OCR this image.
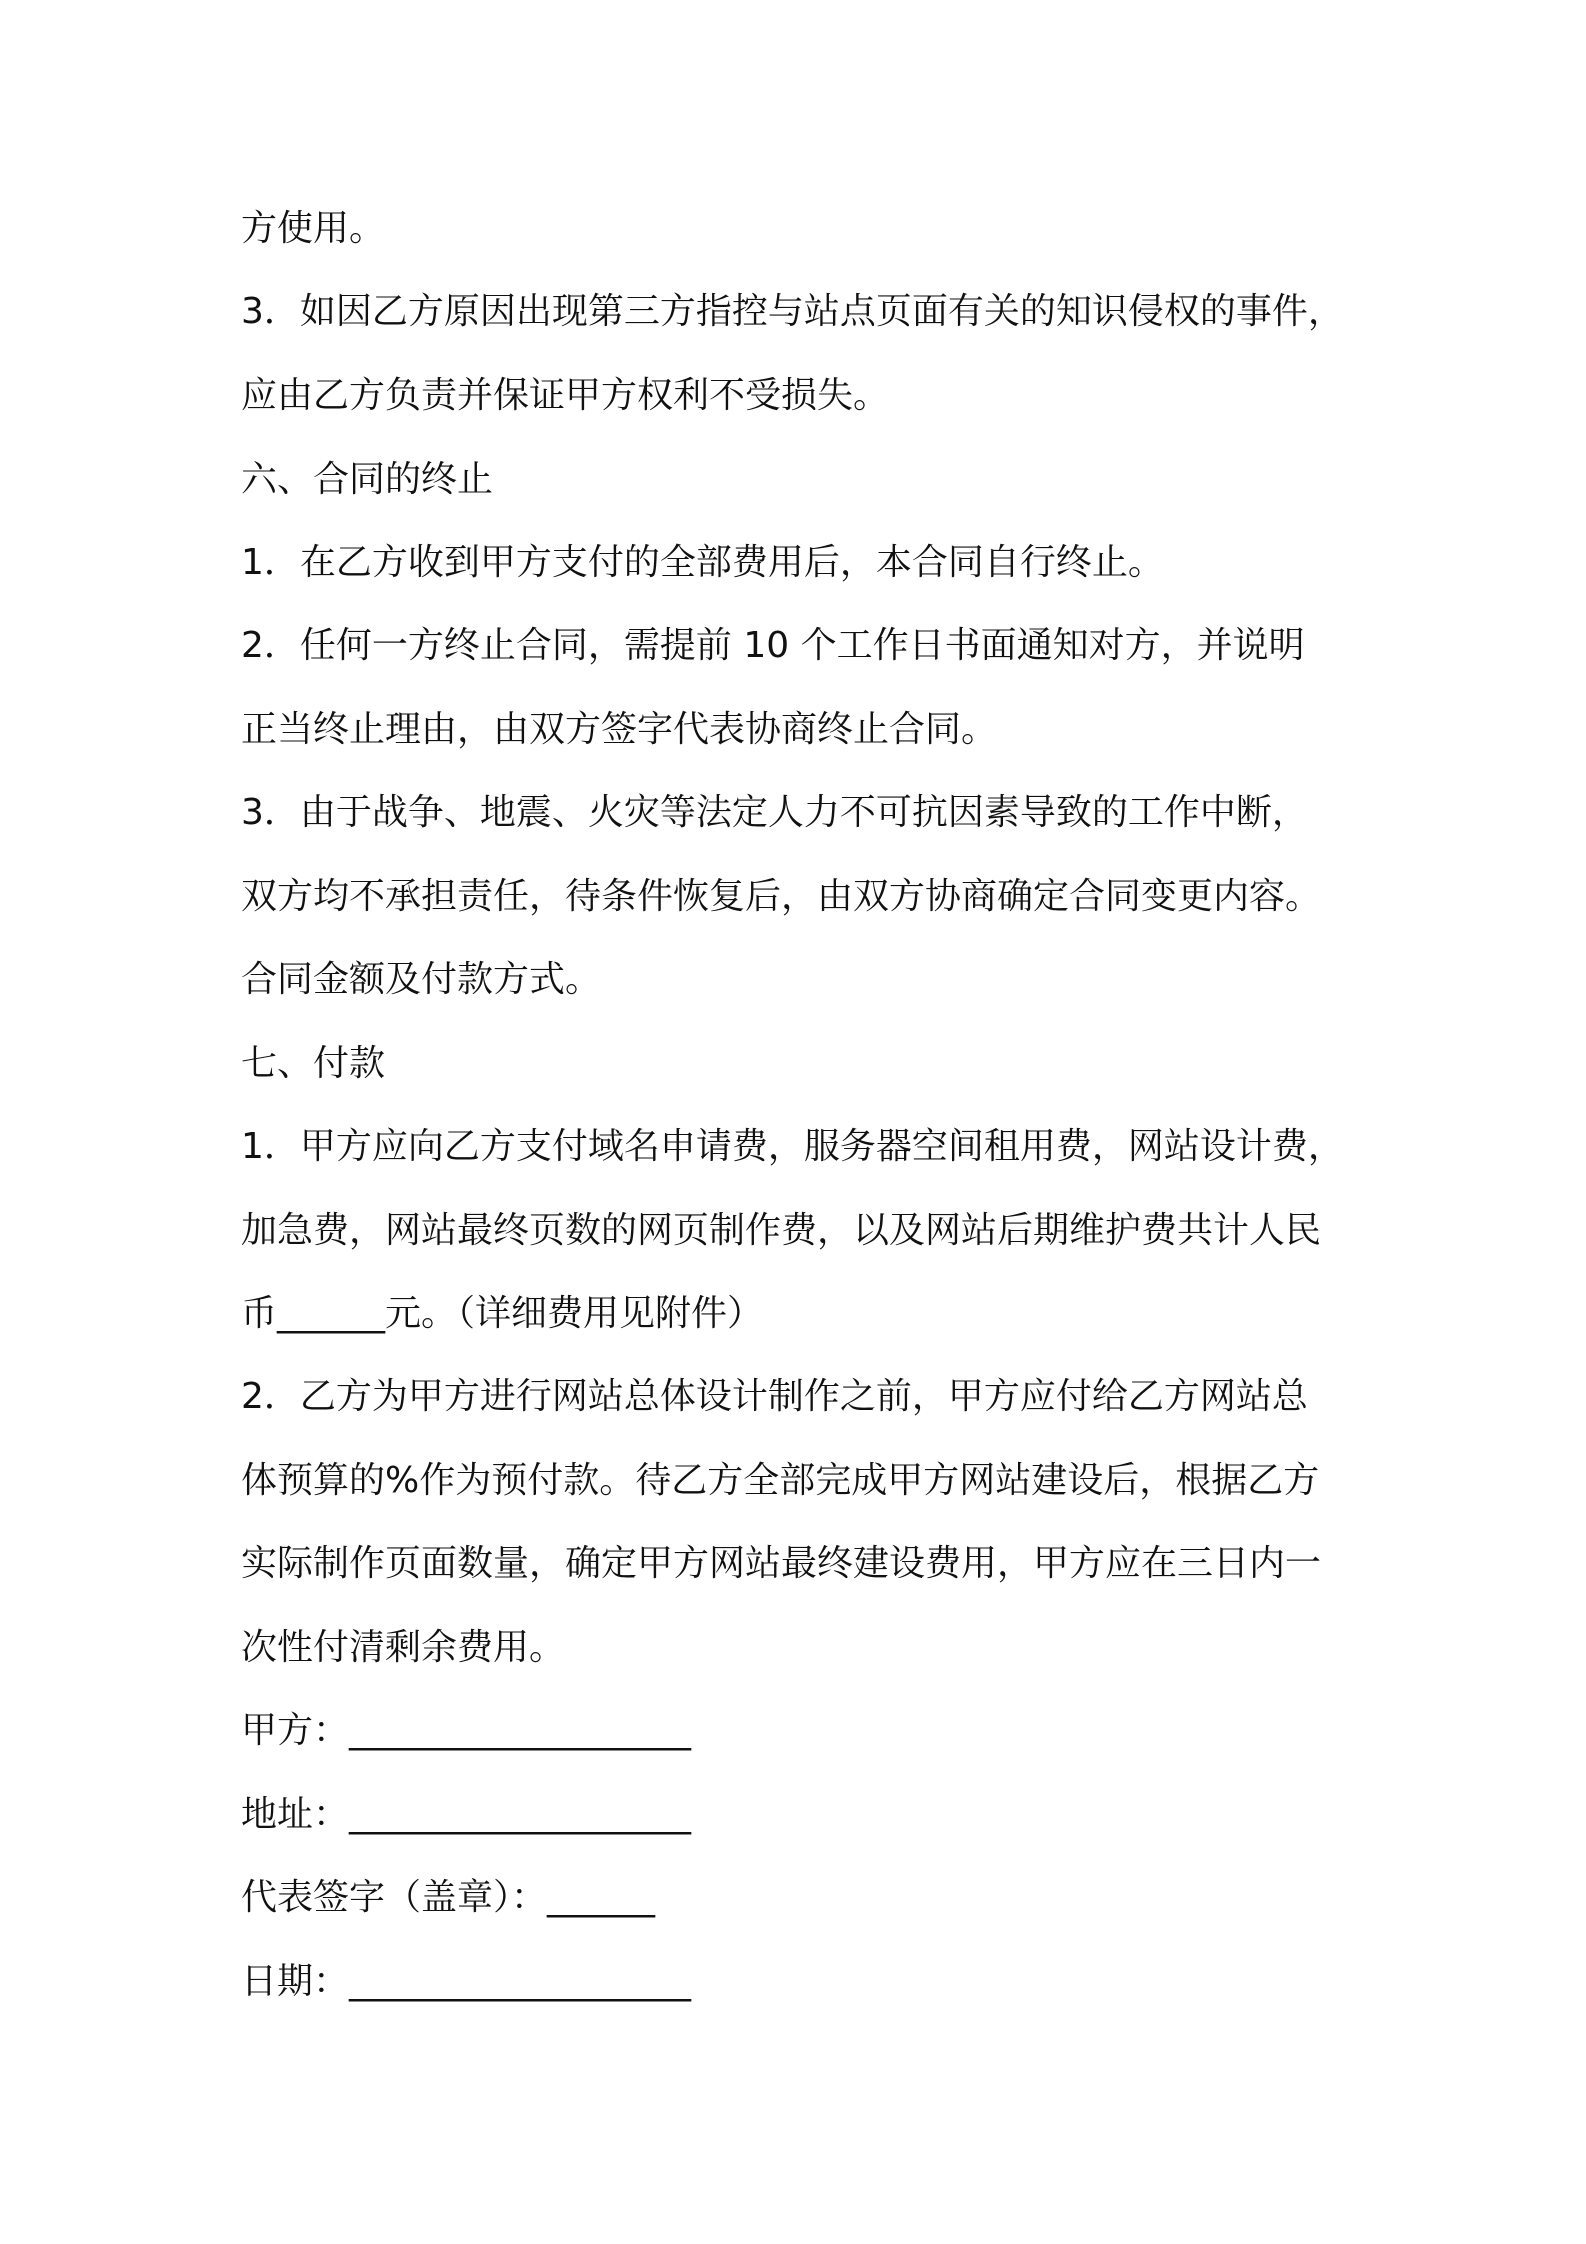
方使用。
3．如因乙方原因出现第三方指控与站点页面有关的知识侵权的事件，
应由乙方负责并保证甲方权利不受损失。
六、合同的终止
1．在乙方收到甲方支付的全部费用后，本合同自行终止。
2．任何一方终止合同，需提前 10 个工作日书面通知对方，并说明
正当终止理由，由双方签字代表协商终止合同。
3．由于战争、地震、火灾等法定人力不可抗因素导致的工作中断，
双方均不承担责任，待条件恢复后，由双方协商确定合同变更内容。
合同金额及付款方式。
七、付款
1．甲方应向乙方支付域名申请费，服务器空间租用费，网站设计费，
加急费，网站最终页数的网页制作费，以及网站后期维护费共计人民
币______元。（详细费用见附件）
2．乙方为甲方进行网站总体设计制作之前，甲方应付给乙方网站总
体预算的%作为预付款。待乙方全部完成甲方网站建设后，根据乙方
实际制作页面数量，确定甲方网站最终建设费用，甲方应在三日内一
次性付清剩余费用。
甲方：___________________
地址：___________________
代表签字（盖章）：______
日期：___________________
